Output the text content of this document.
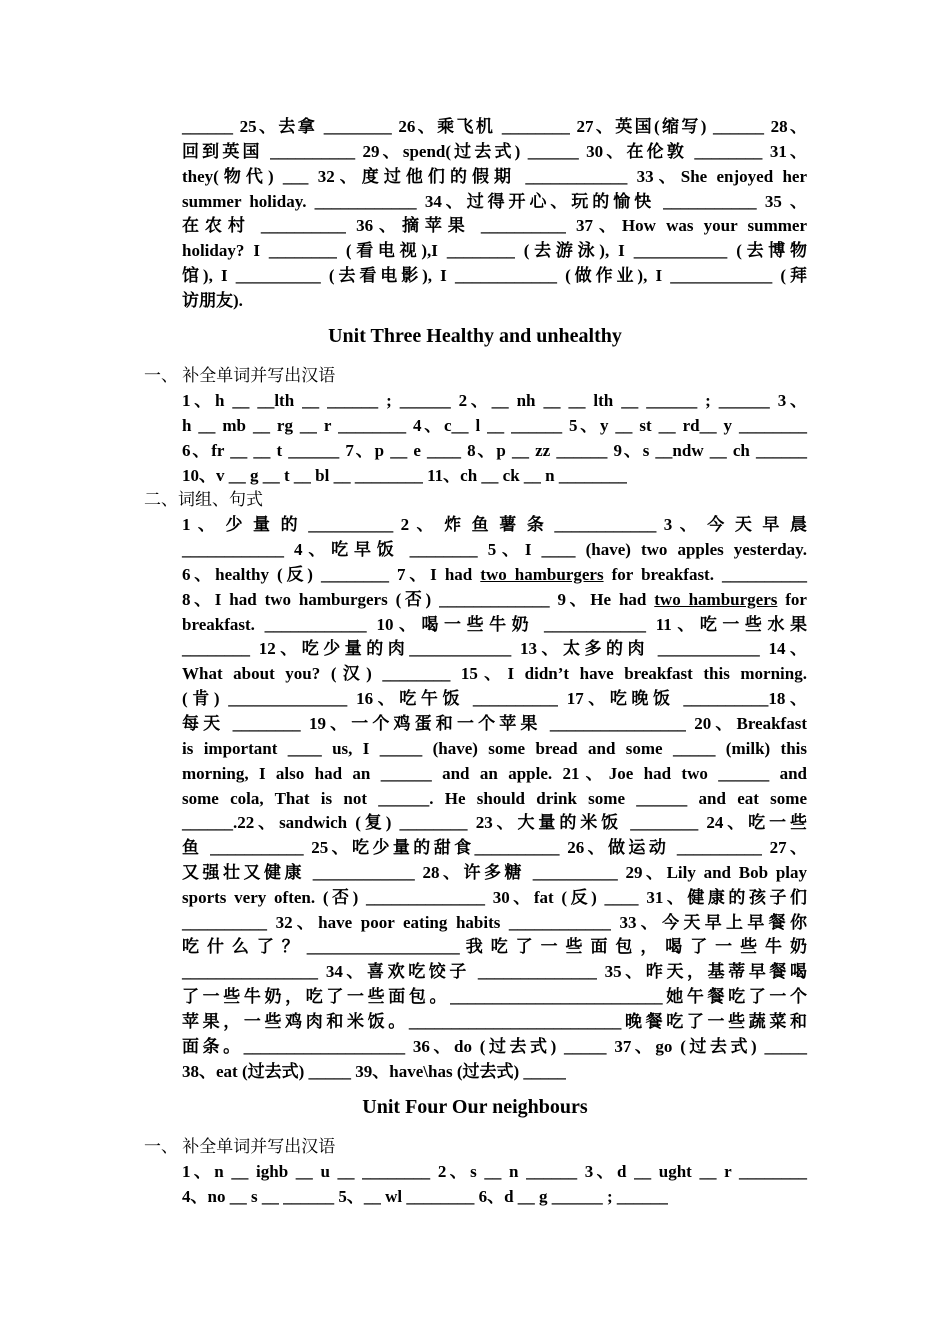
______ 25、去拿 ________ 26、乘飞机 ________ 27、英国(缩写) ______ 28、
回到英国 __________ 29、spend(过去式) ______ 30、在伦敦 ________ 31、
they(物代) ___ 32、度过他们的假期 ____________ 33、She enjoyed her
summer holiday. ____________ 34、过得开心、玩的愉快 ___________ 35 、
在农村 __________ 36、摘苹果 __________ 37、How was your summer
holiday? I ________ (看电视),I ________ (去游泳), I ___________ (去博物
馆), I __________ (去看电影), I ____________ (做作业), I ____________ (拜
访朋友).
Unit Three Healthy and unhealthy
一、 补全单词并写出汉语
1、h __ __lth __ ______ ; ______ 2、__ nh __ __ lth __ ______ ; ______ 3、
h __ mb __ rg __ r ________ 4、c__ l __ ______ 5、y __ st __ rd__ y ________
6、fr __ __ t ______ 7、p __ e ____ 8、p __ zz ______ 9、s __ndw __ ch ______
10、v __ g __ t __ bl __ ________ 11、ch __ ck __ n ________
二、词组、句式
1 、 少 量 的 __________ 2 、 炸 鱼 薯 条 ____________ 3 、 今 天 早 晨
____________ 4、吃早饭 ________ 5、I ____ (have) two apples yesterday.
6、healthy (反) ________ 7、I had two hamburgers for breakfast. __________
8、I had two hamburgers (否) _____________ 9、He had two hamburgers for
breakfast. ____________ 10、喝一些牛奶 ____________ 11、吃一些水果
________ 12、吃少量的肉____________ 13、太多的肉 ____________ 14、
What about you? (汉) ________ 15、I didn’t have breakfast this morning.
(肯) ______________ 16、吃午饭 __________ 17、吃晚饭 __________18、
每天 ________ 19、一个鸡蛋和一个苹果 ________________ 20、Breakfast
is important ____ us, I _____ (have) some bread and some _____ (milk) this
morning, I also had an ______ and an apple. 21、Joe had two ______ and
some cola, That is not ______. He should drink some ______ and eat some
______.22、sandwich (复) ________ 23、大量的米饭 ________ 24、吃一些
鱼 ___________ 25、吃少量的甜食__________ 26、做运动 __________ 27、
又强壮又健康 ____________ 28、许多糖 __________ 29、Lily and Bob play
sports very often. (否) ______________ 30、fat (反) ____ 31、健康的孩子们
__________ 32、have poor eating habits ____________ 33、今天早上早餐你
吃 什 么 了 ？ __________________ 我 吃 了 一 些 面 包 ， 喝 了 一 些 牛 奶
________________ 34、喜欢吃饺子 ______________ 35、昨天，基蒂早餐喝
了一些牛奶，吃了一些面包。_________________________她午餐吃了一个
苹果，一些鸡肉和米饭。_________________________晚餐吃了一些蔬菜和
面条。___________________ 36、do (过去式) _____ 37、go (过去式) _____
38、eat (过去式) _____ 39、have\has (过去式) _____
Unit Four Our neighbours
一、 补全单词并写出汉语
1、n __ ighb __ u __ ________ 2、s __ n ______ 3、d __ ught __ r ________
4、no __ s __ ______ 5、__ wl ________ 6、d __ g ______ ; ______
